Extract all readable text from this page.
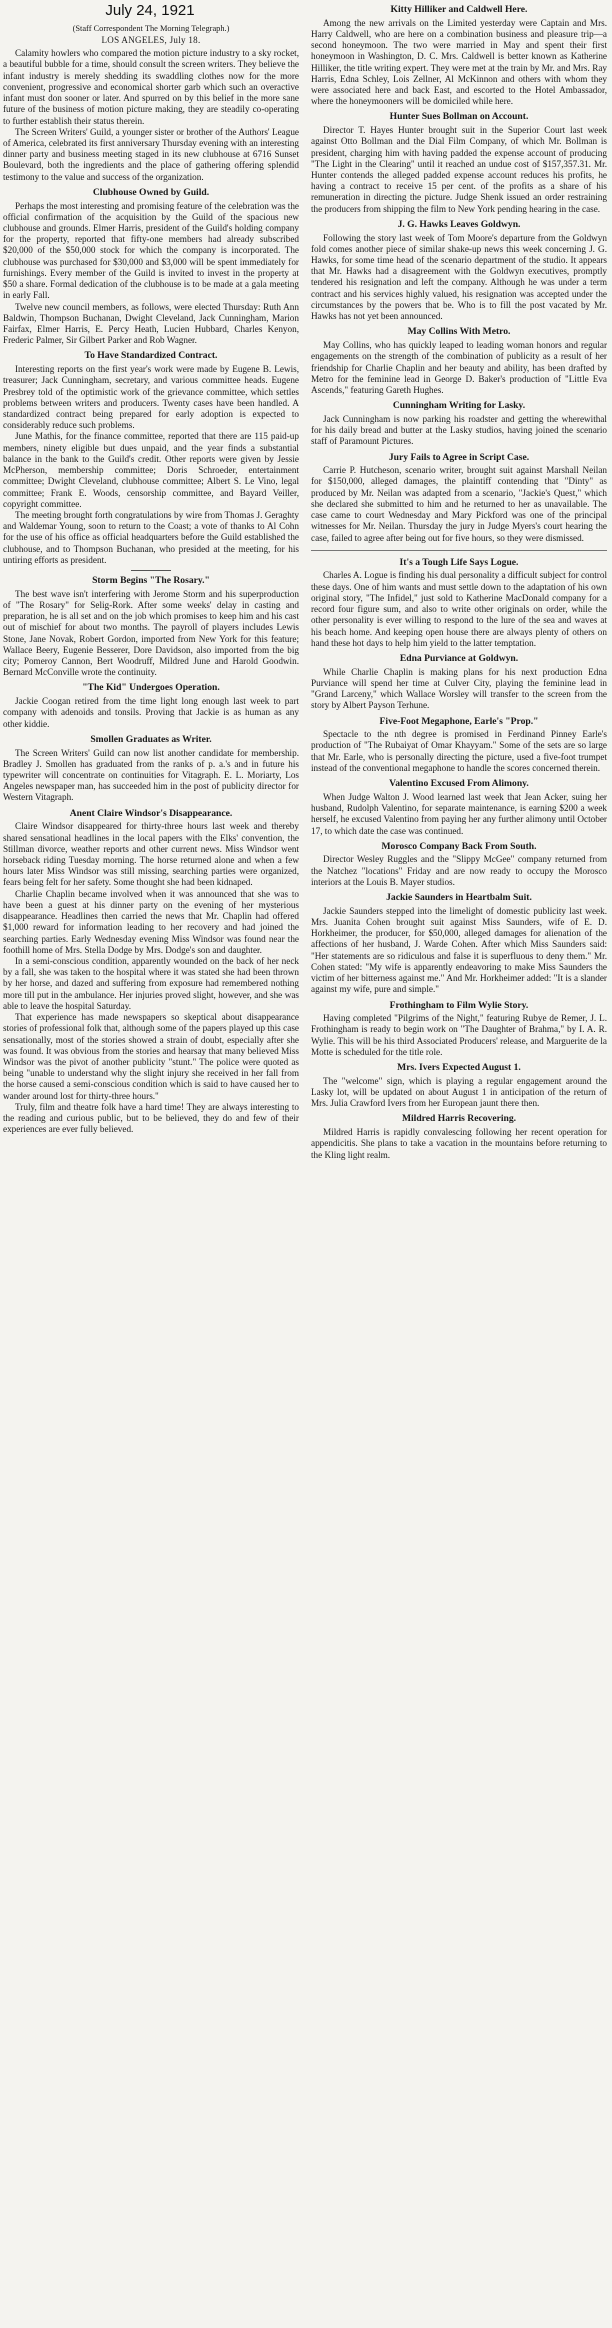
July 24, 1921
(Staff Correspondent The Morning Telegraph.)
LOS ANGELES, July 18.

Calamity howlers who compared the motion picture industry to a sky rocket, a beautiful bubble for a time, should consult the screen writers. They believe the infant industry is merely shedding its swaddling clothes now for the more convenient, progressive and economical shorter garb which such an overactive infant must don sooner or later. And spurred on by this belief in the more sane future of the business of motion picture making, they are steadily co-operating to further establish their status therein.

The Screen Writers' Guild, a younger sister or brother of the Authors' League of America, celebrated its first anniversary Thursday evening with an interesting dinner party and business meeting staged in its new clubhouse at 6716 Sunset Boulevard, both the ingredients and the place of gathering offering splendid testimony to the value and success of the organization.

Clubhouse Owned by Guild.

Perhaps the most interesting and promising feature of the celebration was the official confirmation of the acquisition by the Guild of the spacious new clubhouse and grounds. Elmer Harris, president of the Guild's holding company for the property, reported that fifty-one members had already subscribed $20,000 of the $50,000 stock for which the company is incorporated. The clubhouse was purchased for $30,000 and $3,000 will be spent immediately for furnishings. Every member of the Guild is invited to invest in the property at $50 a share. Formal dedication of the clubhouse is to be made at a gala meeting in early Fall.

Twelve new council members, as follows, were elected Thursday: Ruth Ann Baldwin, Thompson Buchanan, Dwight Cleveland, Jack Cunningham, Marion Fairfax, Elmer Harris, E. Percy Heath, Lucien Hubbard, Charles Kenyon, Frederic Palmer, Sir Gilbert Parker and Rob Wagner.

To Have Standardized Contract.

Interesting reports on the first year's work were made by Eugene B. Lewis, treasurer; Jack Cunningham, secretary, and various committee heads. Eugene Presbrey told of the optimistic work of the grievance committee, which settles problems between writers and producers. Twenty cases have been handled. A standardized contract being prepared for early adoption is expected to considerably reduce such problems.

June Mathis, for the finance committee, reported that there are 115 paid-up members, ninety eligible but dues unpaid, and the year finds a substantial balance in the bank to the Guild's credit. Other reports were given by Jessie McPherson, membership committee; Doris Schroeder, entertainment committee; Dwight Cleveland, clubhouse committee; Albert S. Le Vino, legal committee; Frank E. Woods, censorship committee, and Bayard Veiller, copyright committee.

The meeting brought forth congratulations by wire from Thomas J. Geraghty and Waldemar Young, soon to return to the Coast; a vote of thanks to Al Cohn for the use of his office as official headquarters before the Guild established the clubhouse, and to Thompson Buchanan, who presided at the meeting, for his untiring efforts as president.

Storm Begins "The Rosary."

The best wave isn't interfering with Jerome Storm and his superproduction of "The Rosary" for Selig-Rork. After some weeks' delay in casting and preparation, he is all set and on the job which promises to keep him and his cast out of mischief for about two months. The payroll of players includes Lewis Stone, Jane Novak, Robert Gordon, imported from New York for this feature; Wallace Beery, Eugenie Besserer, Dore Davidson, also imported from the big city; Pomeroy Cannon, Bert Woodruff, Mildred June and Harold Goodwin. Bernard McConville wrote the continuity.

"The Kid" Undergoes Operation.

Jackie Coogan retired from the time light long enough last week to part company with adenoids and tonsils. Proving that Jackie is as human as any other kiddie.

Smollen Graduates as Writer.

The Screen Writers' Guild can now list another candidate for membership. Bradley J. Smollen has graduated from the ranks of p. a.'s and in future his typewriter will concentrate on continuities for Vitagraph. E. L. Moriarty, Los Angeles newspaper man, has succeeded him in the post of publicity director for Western Vitagraph.

Anent Claire Windsor's Disappearance.

Claire Windsor disappeared for thirty-three hours last week and thereby shared sensational headlines in the local papers with the Elks' convention, the Stillman divorce, weather reports and other current news. Miss Windsor went horseback riding Tuesday morning. The horse returned alone and when a few hours later Miss Windsor was still missing, searching parties were organized, fears being felt for her safety. Some thought she had been kidnaped.

Charlie Chaplin became involved when it was announced that she was to have been a guest at his dinner party on the evening of her mysterious disappearance. Headlines then carried the news that Mr. Chaplin had offered $1,000 reward for information leading to her recovery and had joined the searching parties. Early Wednesday evening Miss Windsor was found near the foothill home of Mrs. Stella Dodge by Mrs. Dodge's son and daughter.

In a semi-conscious condition, apparently wounded on the back of her neck by a fall, she was taken to the hospital where it was stated she had been thrown by her horse, and dazed and suffering from exposure had remembered nothing more till put in the ambulance. Her injuries proved slight, however, and she was able to leave the hospital Saturday.

That experience has made newspapers so skeptical about disappearance stories of professional folk that, although some of the papers played up this case sensationally, most of the stories showed a strain of doubt, especially after she was found. It was obvious from the stories and hearsay that many believed Miss Windsor was the pivot of another publicity "stunt." The police were quoted as being "unable to understand why the slight injury she received in her fall from the horse caused a semi-conscious condition which is said to have caused her to wander around lost for thirty-three hours."

Truly, film and theatre folk have a hard time! They are always interesting to the reading and curious public, but to be believed, they do and few of their experiences are ever fully believed.

Kitty Hilliker and Caldwell Here.

Among the new arrivals on the Limited yesterday were Captain and Mrs. Harry Caldwell, who are here on a combination business and pleasure trip—a second honeymoon. The two were married in May and spent their first honeymoon in Washington, D. C. Mrs. Caldwell is better known as Katherine Hilliker, the title writing expert. They were met at the train by Mr. and Mrs. Ray Harris, Edna Schley, Lois Zellner, Al McKinnon and others with whom they were associated here and back East, and escorted to the Hotel Ambassador, where the honeymooners will be domiciled while here.

Hunter Sues Bollman on Account.

Director T. Hayes Hunter brought suit in the Superior Court last week against Otto Bollman and the Dial Film Company, of which Mr. Bollman is president, charging him with having padded the expense account of producing "The Light in the Clearing" until it reached an undue cost of $157,357.31. Mr. Hunter contends the alleged padded expense account reduces his profits, he having a contract to receive 15 per cent. of the profits as a share of his remuneration in directing the picture. Judge Shenk issued an order restraining the producers from shipping the film to New York pending hearing in the case.

J. G. Hawks Leaves Goldwyn.

Following the story last week of Tom Moore's departure from the Goldwyn fold comes another piece of similar shake-up news this week concerning J. G. Hawks, for some time head of the scenario department of the studio. It appears that Mr. Hawks had a disagreement with the Goldwyn executives, promptly tendered his resignation and left the company. Although he was under a term contract and his services highly valued, his resignation was accepted under the circumstances by the powers that be. Who is to fill the post vacated by Mr. Hawks has not yet been announced.

May Collins With Metro.

May Collins, who has quickly leaped to leading woman honors and regular engagements on the strength of the combination of publicity as a result of her friendship for Charlie Chaplin and her beauty and ability, has been drafted by Metro for the feminine lead in George D. Baker's production of "Little Eva Ascends," featuring Gareth Hughes.

Cunningham Writing for Lasky.

Jack Cunningham is now parking his roadster and getting the wherewithal for his daily bread and butter at the Lasky studios, having joined the scenario staff of Paramount Pictures.

Jury Fails to Agree in Script Case.

Carrie P. Hutcheson, scenario writer, brought suit against Marshall Neilan for $150,000, alleged damages, the plaintiff contending that "Dinty" as produced by Mr. Neilan was adapted from a scenario, "Jackie's Quest," which she declared she submitted to him and he returned to her as unavailable. The case came to court Wednesday and Mary Pickford was one of the principal witnesses for Mr. Neilan. Thursday the jury in Judge Myers's court hearing the case, failed to agree after being out for five hours, so they were dismissed.

It's a Tough Life Says Logue.

Charles A. Logue is finding his dual personality a difficult subject for control these days. One of him wants and must settle down to the adaptation of his own original story, "The Infidel," just sold to Katherine MacDonald company for a record four figure sum, and also to write other originals on order, while the other personality is ever willing to respond to the lure of the sea and waves at his beach home. And keeping open house there are always plenty of others on hand these hot days to help him yield to the latter temptation.

Edna Purviance at Goldwyn.

While Charlie Chaplin is making plans for his next production Edna Purviance will spend her time at Culver City, playing the feminine lead in "Grand Larceny," which Wallace Worsley will transfer to the screen from the story by Albert Payson Terhune.

Five-Foot Megaphone, Earle's "Prop."

Spectacle to the nth degree is promised in Ferdinand Pinney Earle's production of "The Rubaiyat of Omar Khayyam." Some of the sets are so large that Mr. Earle, who is personally directing the picture, used a five-foot trumpet instead of the conventional megaphone to handle the scores concerned therein.

Valentino Excused From Alimony.

When Judge Walton J. Wood learned last week that Jean Acker, suing her husband, Rudolph Valentino, for separate maintenance, is earning $200 a week herself, he excused Valentino from paying her any further alimony until October 17, to which date the case was continued.

Morosco Company Back From South.

Director Wesley Ruggles and the "Slippy McGee" company returned from the Natchez "locations" Friday and are now ready to occupy the Morosco interiors at the Louis B. Mayer studios.

Jackie Saunders in Heartbalm Suit.

Jackie Saunders stepped into the limelight of domestic publicity last week. Mrs. Juanita Cohen brought suit against Miss Saunders, wife of E. D. Horkheimer, the producer, for $50,000, alleged damages for alienation of the affections of her husband, J. Warde Cohen. After which Miss Saunders said: "Her statements are so ridiculous and false it is superfluous to deny them." Mr. Cohen stated: "My wife is apparently endeavoring to make Miss Saunders the victim of her bitterness against me." And Mr. Horkheimer added: "It is a slander against my wife, pure and simple."

Frothingham to Film Wylie Story.

Having completed "Pilgrims of the Night," featuring Rubye de Remer, J. L. Frothingham is ready to begin work on "The Daughter of Brahma," by I. A. R. Wylie. This will be his third Associated Producers' release, and Marguerite de la Motte is scheduled for the title role.

Mrs. Ivers Expected August 1.

The "welcome" sign, which is playing a regular engagement around the Lasky lot, will be updated on about August 1 in anticipation of the return of Mrs. Julia Crawford Ivers from her European jaunt there then.

Mildred Harris Recovering.

Mildred Harris is rapidly convalescing following her recent operation for appendicitis. She plans to take a vacation in the mountains before returning to the Kling light realm.
